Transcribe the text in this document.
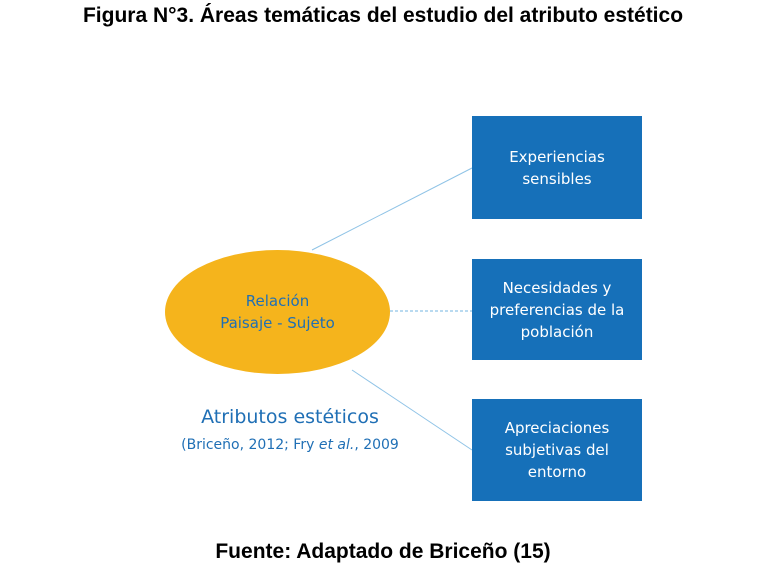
Figura N°3. Áreas temáticas del estudio del atributo estético
Relación
Paisaje - Sujeto
Experiencias
sensibles
Necesidades y
preferencias de la
población
Apreciaciones
subjetivas del
entorno
Atributos estéticos
(Briceño, 2012; Fry et al., 2009
Fuente: Adaptado de Briceño (15)
